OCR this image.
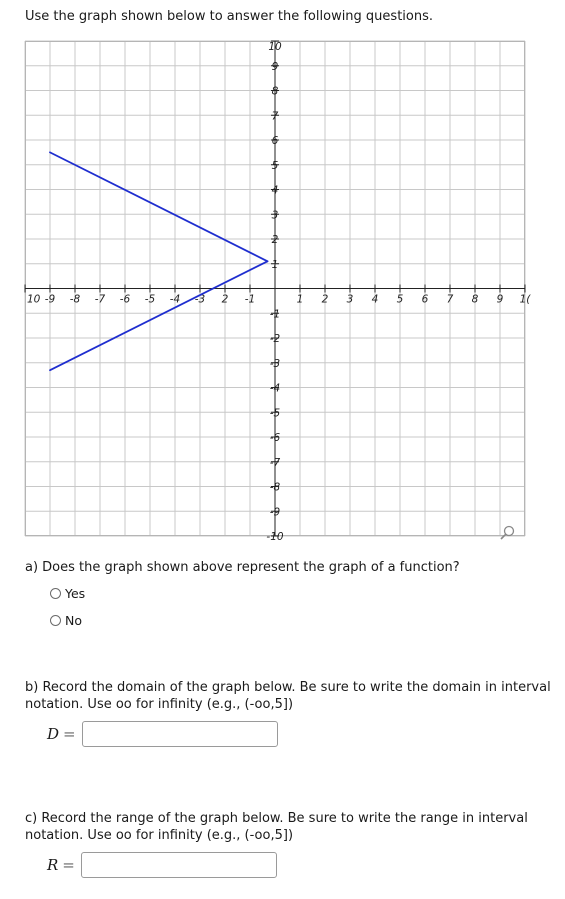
Use the graph shown below to answer the following questions.
10 -9 -8 -7 -6 -5 -4 -3 2 -1	1 2 3 4 5 6 7 8 9 1(
10
9
8
7
6
5
4
3
2
1
-1
-2
-3
-4
-5
-6
-7
-8
-9
-10
a) Does the graph shown above represent the graph of a function?
Yes
No
b) Record the domain of the graph below. Be sure to write the domain in interval notation. Use oo for infinity (e.g., (-oo,5])
D =
c) Record the range of the graph below. Be sure to write the range in interval notation. Use oo for infinity (e.g., (-oo,5])
R =
